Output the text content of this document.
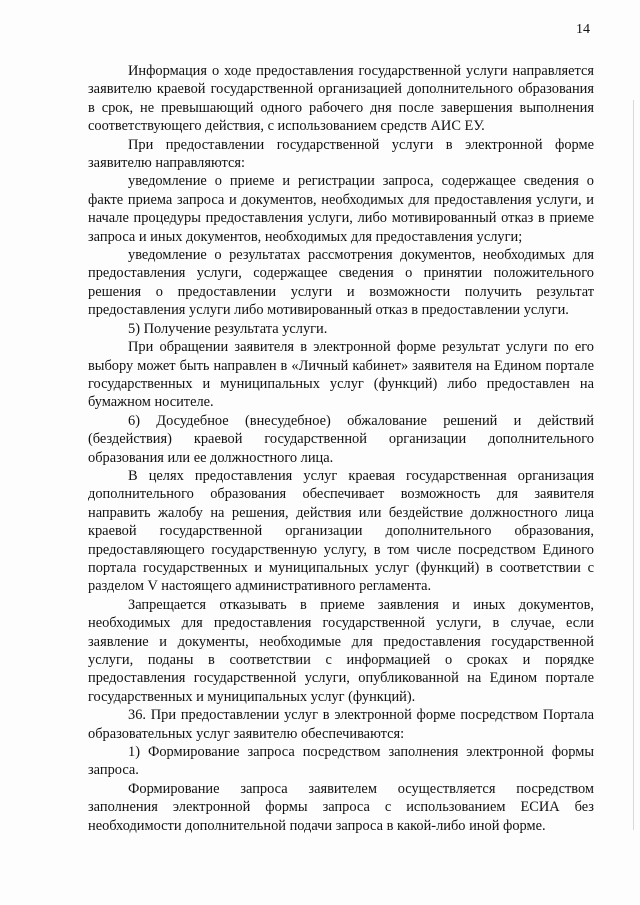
14

Информация о ходе предоставления государственной услуги направляется заявителю краевой государственной организацией дополнительного образования в срок, не превышающий одного рабочего дня после завершения выполнения соответствующего действия, с использованием средств АИС ЕУ.

При предоставлении государственной услуги в электронной форме заявителю направляются:

уведомление о приеме и регистрации запроса, содержащее сведения о факте приема запроса и документов, необходимых для предоставления услуги, и начале процедуры предоставления услуги, либо мотивированный отказ в приеме запроса и иных документов, необходимых для предоставления услуги;

уведомление о результатах рассмотрения документов, необходимых для предоставления услуги, содержащее сведения о принятии положительного решения о предоставлении услуги и возможности получить результат предоставления услуги либо мотивированный отказ в предоставлении услуги.

5) Получение результата услуги.

При обращении заявителя в электронной форме результат услуги по его выбору может быть направлен в «Личный кабинет» заявителя на Едином портале государственных и муниципальных услуг (функций) либо предоставлен на бумажном носителе.

6) Досудебное (внесудебное) обжалование решений и действий (бездействия) краевой государственной организации дополнительного образования или ее должностного лица.

В целях предоставления услуг краевая государственная организация дополнительного образования обеспечивает возможность для заявителя направить жалобу на решения, действия или бездействие должностного лица краевой государственной организации дополнительного образования, предоставляющего государственную услугу, в том числе посредством Единого портала государственных и муниципальных услуг (функций) в соответствии с разделом V настоящего административного регламента.

Запрещается отказывать в приеме заявления и иных документов, необходимых для предоставления государственной услуги, в случае, если заявление и документы, необходимые для предоставления государственной услуги, поданы в соответствии с информацией о сроках и порядке предоставления государственной услуги, опубликованной на Едином портале государственных и муниципальных услуг (функций).

36. При предоставлении услуг в электронной форме посредством Портала образовательных услуг заявителю обеспечиваются:

1) Формирование запроса посредством заполнения электронной формы запроса.

Формирование запроса заявителем осуществляется посредством заполнения электронной формы запроса с использованием ЕСИА без необходимости дополнительной подачи запроса в какой-либо иной форме.
